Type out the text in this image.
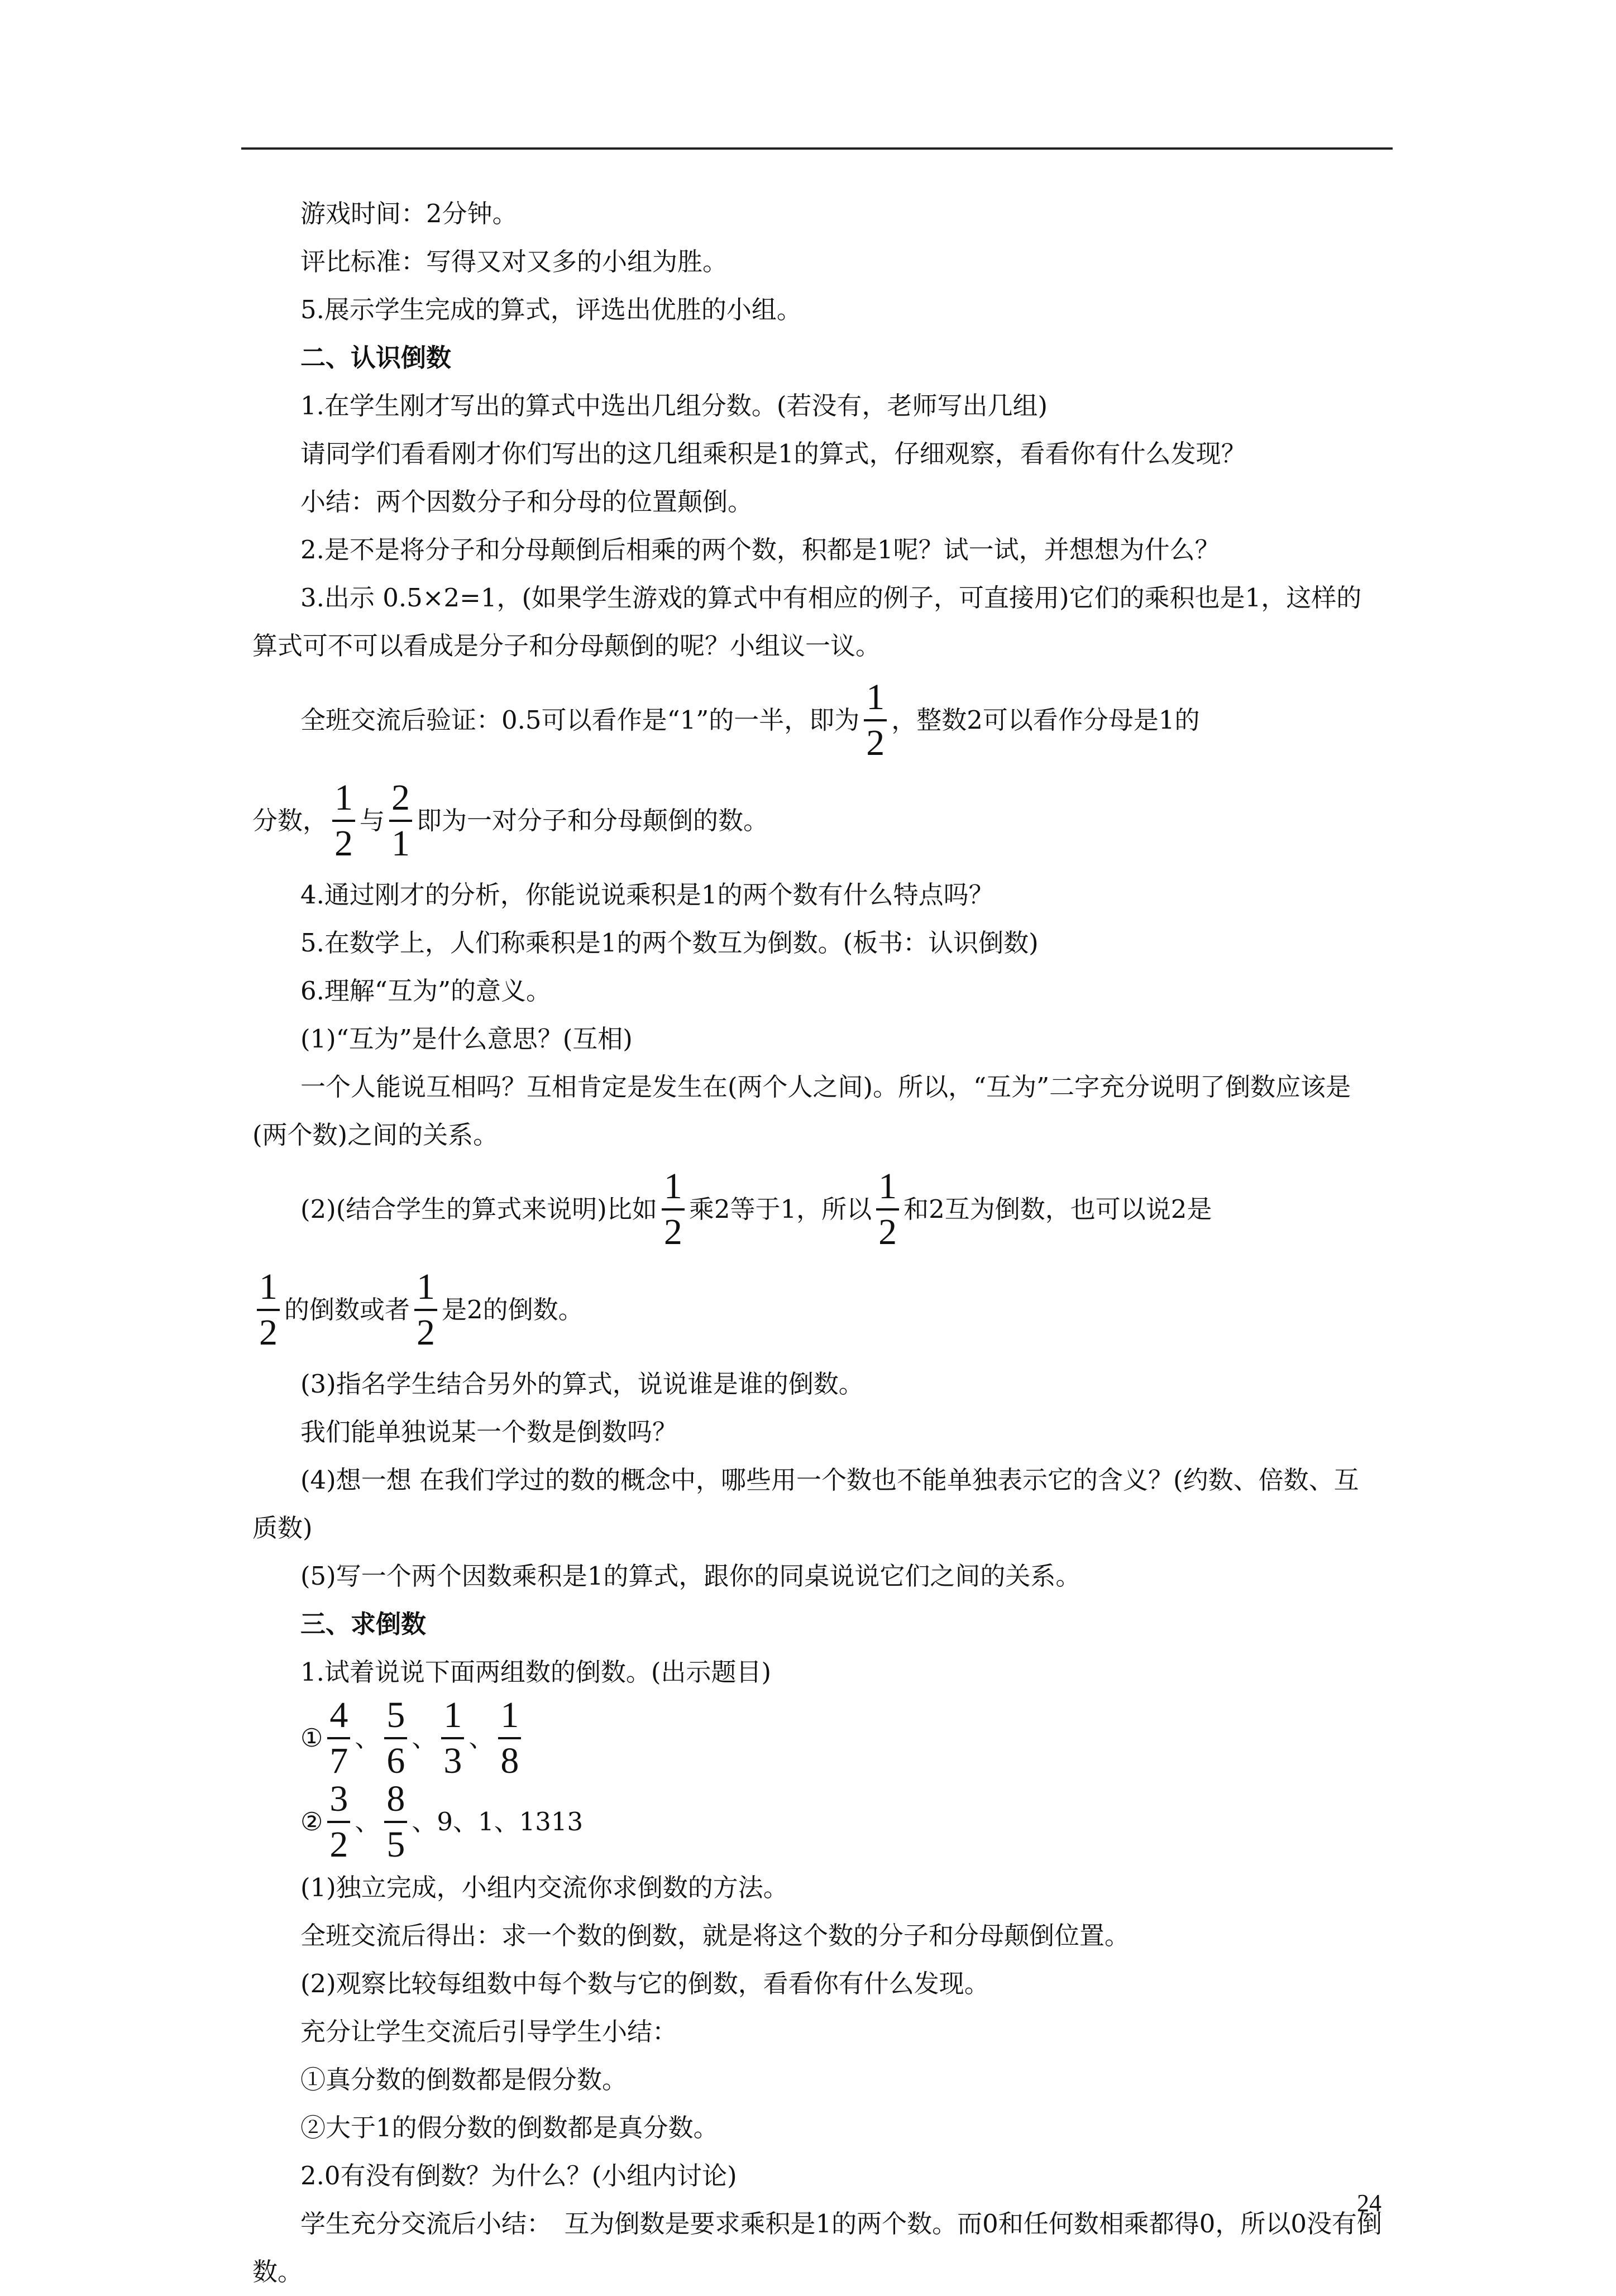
游戏时间：2分钟。

评比标准：写得又对又多的小组为胜。

5.展示学生完成的算式，评选出优胜的小组。

二、认识倒数

1.在学生刚才写出的算式中选出几组分数。(若没有，老师写出几组)

请同学们看看刚才你们写出的这几组乘积是1的算式，仔细观察，看看你有什么发现？

小结：两个因数分子和分母的位置颠倒。

2.是不是将分子和分母颠倒后相乘的两个数，积都是1呢？试一试，并想想为什么？

3.出示 0.5×2=1，(如果学生游戏的算式中有相应的例子，可直接用)它们的乘积也是1，这样的算式可不可以看成是分子和分母颠倒的呢？小组议一议。

全班交流后验证：0.5可以看作是“1”的一半，即为 $\frac{1}{2}$ ，整数2可以看作分母是1的
分数， $\frac{1}{2}$ 与 $\frac{2}{1}$ 即为一对分子和分母颠倒的数。

4.通过刚才的分析，你能说说乘积是1的两个数有什么特点吗？

5.在数学上，人们称乘积是1的两个数互为倒数。(板书：认识倒数)

6.理解“互为”的意义。

(1)“互为”是什么意思？(互相)

一个人能说互相吗？互相肯定是发生在(两个人之间)。所以，“互为”二字充分说明了倒数应该是(两个数)之间的关系。

(2)(结合学生的算式来说明)比如 $\frac{1}{2}$ 乘2等于1，所以 $\frac{1}{2}$ 和2互为倒数，也可以说2是
$\frac{1}{2}$ 的倒数或者 $\frac{1}{2}$ 是2的倒数。

(3)指名学生结合另外的算式，说说谁是谁的倒数。

我们能单独说某一个数是倒数吗？

(4)想一想 在我们学过的数的概念中，哪些用一个数也不能单独表示它的含义？(约数、倍数、互质数)

(5)写一个两个因数乘积是1的算式，跟你的同桌说说它们之间的关系。

三、求倒数

1.试着说说下面两组数的倒数。(出示题目)

① $\frac{4}{7}$ 、 $\frac{5}{6}$ 、 $\frac{1}{3}$ 、 $\frac{1}{8}$
② $\frac{3}{2}$ 、 $\frac{8}{5}$ 、9、1、1313

(1)独立完成，小组内交流你求倒数的方法。

全班交流后得出：求一个数的倒数，就是将这个数的分子和分母颠倒位置。

(2)观察比较每组数中每个数与它的倒数，看看你有什么发现。

充分让学生交流后引导学生小结：

①真分数的倒数都是假分数。

②大于1的假分数的倒数都是真分数。

2.0有没有倒数？为什么？(小组内讨论)

学生充分交流后小结：　互为倒数是要求乘积是1的两个数。而0和任何数相乘都得0，所以0没有倒数。

24
